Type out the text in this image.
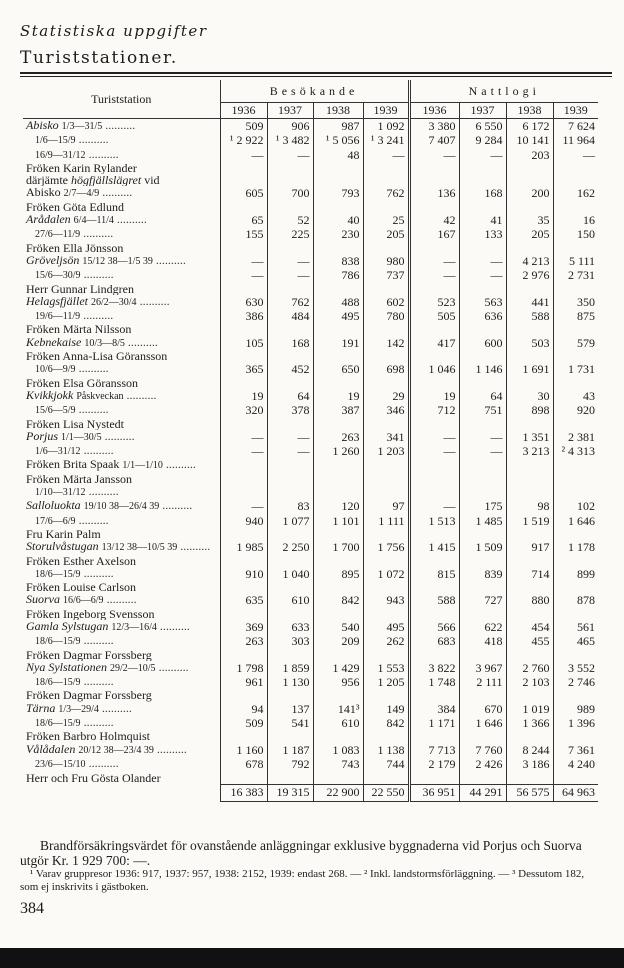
Statistiska uppgifter
Turiststationer.
Turiststation	Besökande				Nattlogi			
	1936	1937	1938	1939	1936	1937	1938	1939
Abisko 1/3—31/5 ..........	509	906	987	1 092	3 380	6 550	6 172	7 624
1/6—15/9 ..........	¹ 2 922	¹ 3 482	¹ 5 056	¹ 3 241	7 407	9 284	10 141	11 964
16/9—31/12 ..........	—	—	48	—	—	—	203	—
Fröken Karin Rylander								
därjämte högfjällslägret vid								
Abisko 2/7—4/9 ..........	605	700	793	762	136	168	200	162
Fröken Göta Edlund								
Arådalen 6/4—11/4 ..........	65	52	40	25	42	41	35	16
27/6—11/9 ..........	155	225	230	205	167	133	205	150
Fröken Ella Jönsson								
Gröveljsön 15/12 38—1/5 39 ..........	—	—	838	980	—	—	4 213	5 111
15/6—30/9 ..........	—	—	786	737	—	—	2 976	2 731
Herr Gunnar Lindgren								
Helagsfjället 26/2—30/4 ..........	630	762	488	602	523	563	441	350
19/6—11/9 ..........	386	484	495	780	505	636	588	875
Fröken Märta Nilsson								
Kebnekaise 10/3—8/5 ..........	105	168	191	142	417	600	503	579
Fröken Anna-Lisa Göransson								
10/6—9/9 ..........	365	452	650	698	1 046	1 146	1 691	1 731
Fröken Elsa Göransson								
Kvikkjokk Påskveckan ..........	19	64	19	29	19	64	30	43
15/6—5/9 ..........	320	378	387	346	712	751	898	920
Fröken Lisa Nystedt								
Porjus 1/1—30/5 ..........	—	—	263	341	—	—	1 351	2 381
1/6—31/12 ..........	—	—	1 260	1 203	—	—	3 213	² 4 313
Fröken Brita Spaak 1/1—1/10 ..........								
Fröken Märta Jansson								
1/10—31/12 ..........								
Salloluokta 19/10 38—26/4 39 ..........	—	83	120	97	—	175	98	102
17/6—6/9 ..........	940	1 077	1 101	1 111	1 513	1 485	1 519	1 646
Fru Karin Palm								
Storulvåstugan 13/12 38—10/5 39 ..........	1 985	2 250	1 700	1 756	1 415	1 509	917	1 178
Fröken Esther Axelson								
18/6—15/9 ..........	910	1 040	895	1 072	815	839	714	899
Fröken Louise Carlson								
Suorva 16/6—6/9 ..........	635	610	842	943	588	727	880	878
Fröken Ingeborg Svensson								
Gamla Sylstugan 12/3—16/4 ..........	369	633	540	495	566	622	454	561
18/6—15/9 ..........	263	303	209	262	683	418	455	465
Fröken Dagmar Forssberg								
Nya Sylstationen 29/2—10/5 ..........	1 798	1 859	1 429	1 553	3 822	3 967	2 760	3 552
18/6—15/9 ..........	961	1 130	956	1 205	1 748	2 111	2 103	2 746
Fröken Dagmar Forssberg								
Tärna 1/3—29/4 ..........	94	137	141³	149	384	670	1 019	989
18/6—15/9 ..........	509	541	610	842	1 171	1 646	1 366	1 396
Fröken Barbro Holmquist								
Vålådalen 20/12 38—23/4 39 ..........	1 160	1 187	1 083	1 138	7 713	7 760	8 244	7 361
23/6—15/10 ..........	678	792	743	744	2 179	2 426	3 186	4 240
Herr och Fru Gösta Olander								
	16 383	19 315	22 900	22 550	36 951	44 291	56 575	64 963
Brandförsäkringsvärdet för ovanstående anläggningar exklusive byggnaderna vid Porjus och Suorva utgör Kr. 1 929 700: —.
¹ Varav gruppresor 1936: 917, 1937: 957, 1938: 2152, 1939: endast 268. — ² Inkl. landstormsförläggning. — ³ Dessutom 182, som ej inskrivits i gästboken.
384
